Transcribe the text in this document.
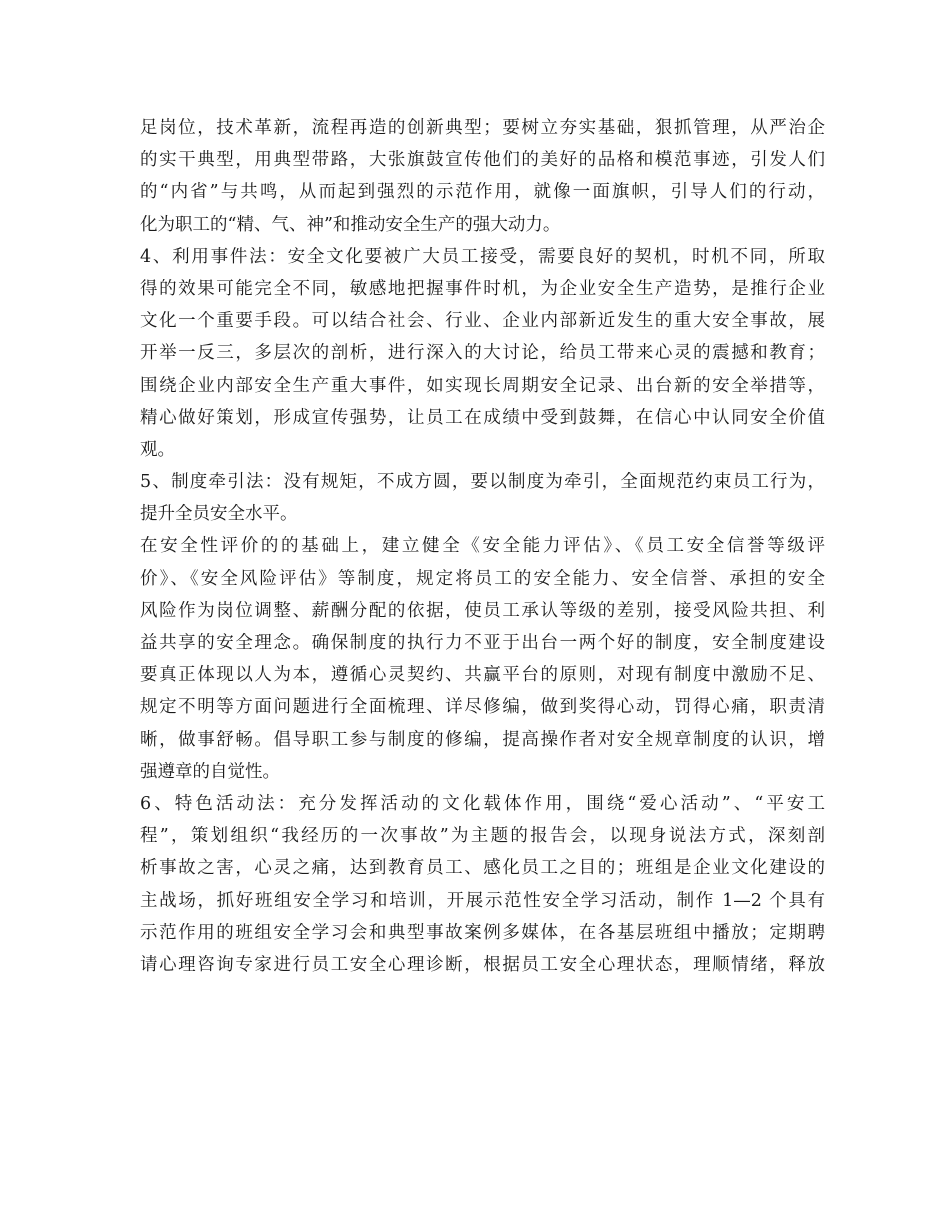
足岗位，技术革新，流程再造的创新典型；要树立夯实基础，狠抓管理，从严治企
的实干典型，用典型带路，大张旗鼓宣传他们的美好的品格和模范事迹，引发人们
的“内省”与共鸣，从而起到强烈的示范作用，就像一面旗帜，引导人们的行动，
化为职工的“精、气、神”和推动安全生产的强大动力。
4、利用事件法：安全文化要被广大员工接受，需要良好的契机，时机不同，所取
得的效果可能完全不同，敏感地把握事件时机，为企业安全生产造势，是推行企业
文化一个重要手段。可以结合社会、行业、企业内部新近发生的重大安全事故，展
开举一反三，多层次的剖析，进行深入的大讨论，给员工带来心灵的震撼和教育；
围绕企业内部安全生产重大事件，如实现长周期安全记录、出台新的安全举措等，
精心做好策划，形成宣传强势，让员工在成绩中受到鼓舞，在信心中认同安全价值
观。
5、制度牵引法：没有规矩，不成方圆，要以制度为牵引，全面规范约束员工行为，
提升全员安全水平。
在安全性评价的的基础上，建立健全《安全能力评估》、《员工安全信誉等级评
价》、《安全风险评估》等制度，规定将员工的安全能力、安全信誉、承担的安全
风险作为岗位调整、薪酬分配的依据，使员工承认等级的差别，接受风险共担、利
益共享的安全理念。确保制度的执行力不亚于出台一两个好的制度，安全制度建设
要真正体现以人为本，遵循心灵契约、共赢平台的原则，对现有制度中激励不足、
规定不明等方面问题进行全面梳理、详尽修编，做到奖得心动，罚得心痛，职责清
晰，做事舒畅。倡导职工参与制度的修编，提高操作者对安全规章制度的认识，增
强遵章的自觉性。
6、特色活动法：充分发挥活动的文化载体作用，围绕“爱心活动”、“平安工
程”，策划组织“我经历的一次事故”为主题的报告会，以现身说法方式，深刻剖
析事故之害，心灵之痛，达到教育员工、感化员工之目的；班组是企业文化建设的
主战场，抓好班组安全学习和培训，开展示范性安全学习活动，制作 1—2 个具有
示范作用的班组安全学习会和典型事故案例多媒体，在各基层班组中播放；定期聘
请心理咨询专家进行员工安全心理诊断，根据员工安全心理状态，理顺情绪，释放
